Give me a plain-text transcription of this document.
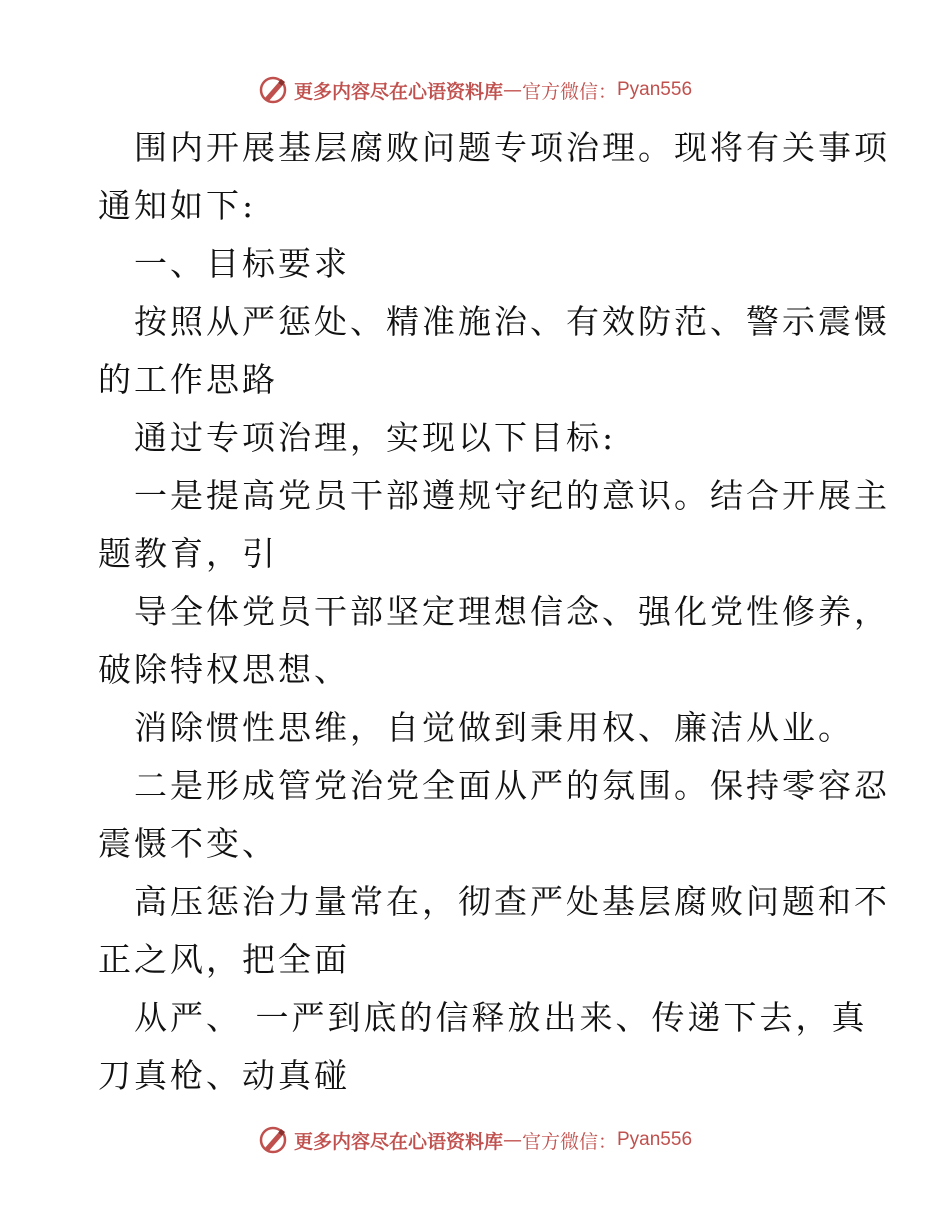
更多内容尽在心语资料库 — 官方微信： Pyan556
围内开展基层腐败问题专项治理。现将有关事项
通知如下:
一、目标要求
按照从严惩处、精准施治、有效防范、警示震慑
的工作思路
通过专项治理，实现以下目标:
一是提高党员干部遵规守纪的意识。结合开展主
题教育，引
导全体党员干部坚定理想信念、强化党性修养，
破除特权思想、
消除惯性思维，自觉做到秉用权、廉洁从业。
二是形成管党治党全面从严的氛围。保持零容忍
震慑不变、
高压惩治力量常在，彻查严处基层腐败问题和不
正之风，把全面
从严、 一严到底的信释放出来、传递下去，真
刀真枪、动真碰
更多内容尽在心语资料库 — 官方微信： Pyan556
